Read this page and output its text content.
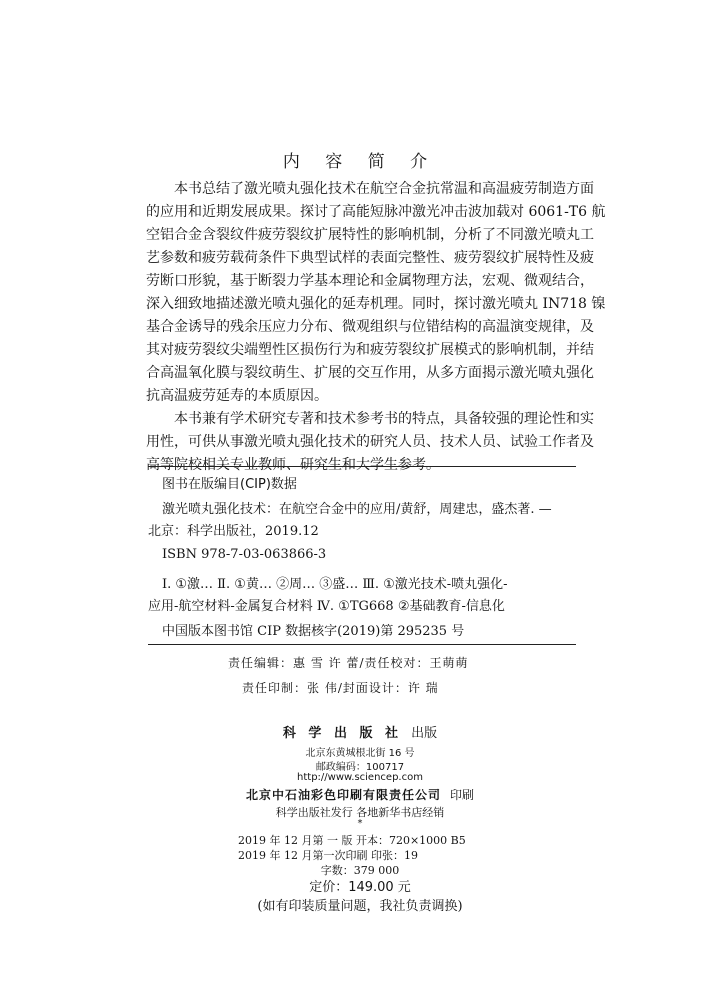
内 容 简 介
本书总结了激光喷丸强化技术在航空合金抗常温和高温疲劳制造方面
的应用和近期发展成果。探讨了高能短脉冲激光冲击波加载对 6061-T6 航
空铝合金含裂纹件疲劳裂纹扩展特性的影响机制，分析了不同激光喷丸工
艺参数和疲劳载荷条件下典型试样的表面完整性、疲劳裂纹扩展特性及疲
劳断口形貌，基于断裂力学基本理论和金属物理方法，宏观、微观结合，
深入细致地描述激光喷丸强化的延寿机理。同时，探讨激光喷丸 IN718 镍
基合金诱导的残余压应力分布、微观组织与位错结构的高温演变规律，及
其对疲劳裂纹尖端塑性区损伤行为和疲劳裂纹扩展模式的影响机制，并结
合高温氧化膜与裂纹萌生、扩展的交互作用，从多方面揭示激光喷丸强化
抗高温疲劳延寿的本质原因。
本书兼有学术研究专著和技术参考书的特点，具备较强的理论性和实
用性，可供从事激光喷丸强化技术的研究人员、技术人员、试验工作者及
高等院校相关专业教师、研究生和大学生参考。
图书在版编目(CIP)数据
激光喷丸强化技术：在航空合金中的应用/黄舒，周建忠，盛杰著. —
北京：科学出版社，2019.12
ISBN 978-7-03-063866-3
Ⅰ. ①激… Ⅱ. ①黄… ②周… ③盛… Ⅲ. ①激光技术-喷丸强化-
应用-航空材料-金属复合材料 Ⅳ. ①TG668 ②基础教育-信息化
中国版本图书馆 CIP 数据核字(2019)第 295235 号
责任编辑：惠 雪 许 蕾/责任校对：王萌萌
责任印制：张 伟/封面设计：许 瑞
科 学 出 版 社 出版
北京东黄城根北街 16 号
邮政编码：100717
http://www.sciencep.com
北京中石油彩色印刷有限责任公司 印刷
科学出版社发行 各地新华书店经销
*
2019 年 12 月第 一 版 开本：720×1000 B5
2019 年 12 月第一次印刷 印张：19
字数：379 000
定价：149.00 元
(如有印装质量问题，我社负责调换)
